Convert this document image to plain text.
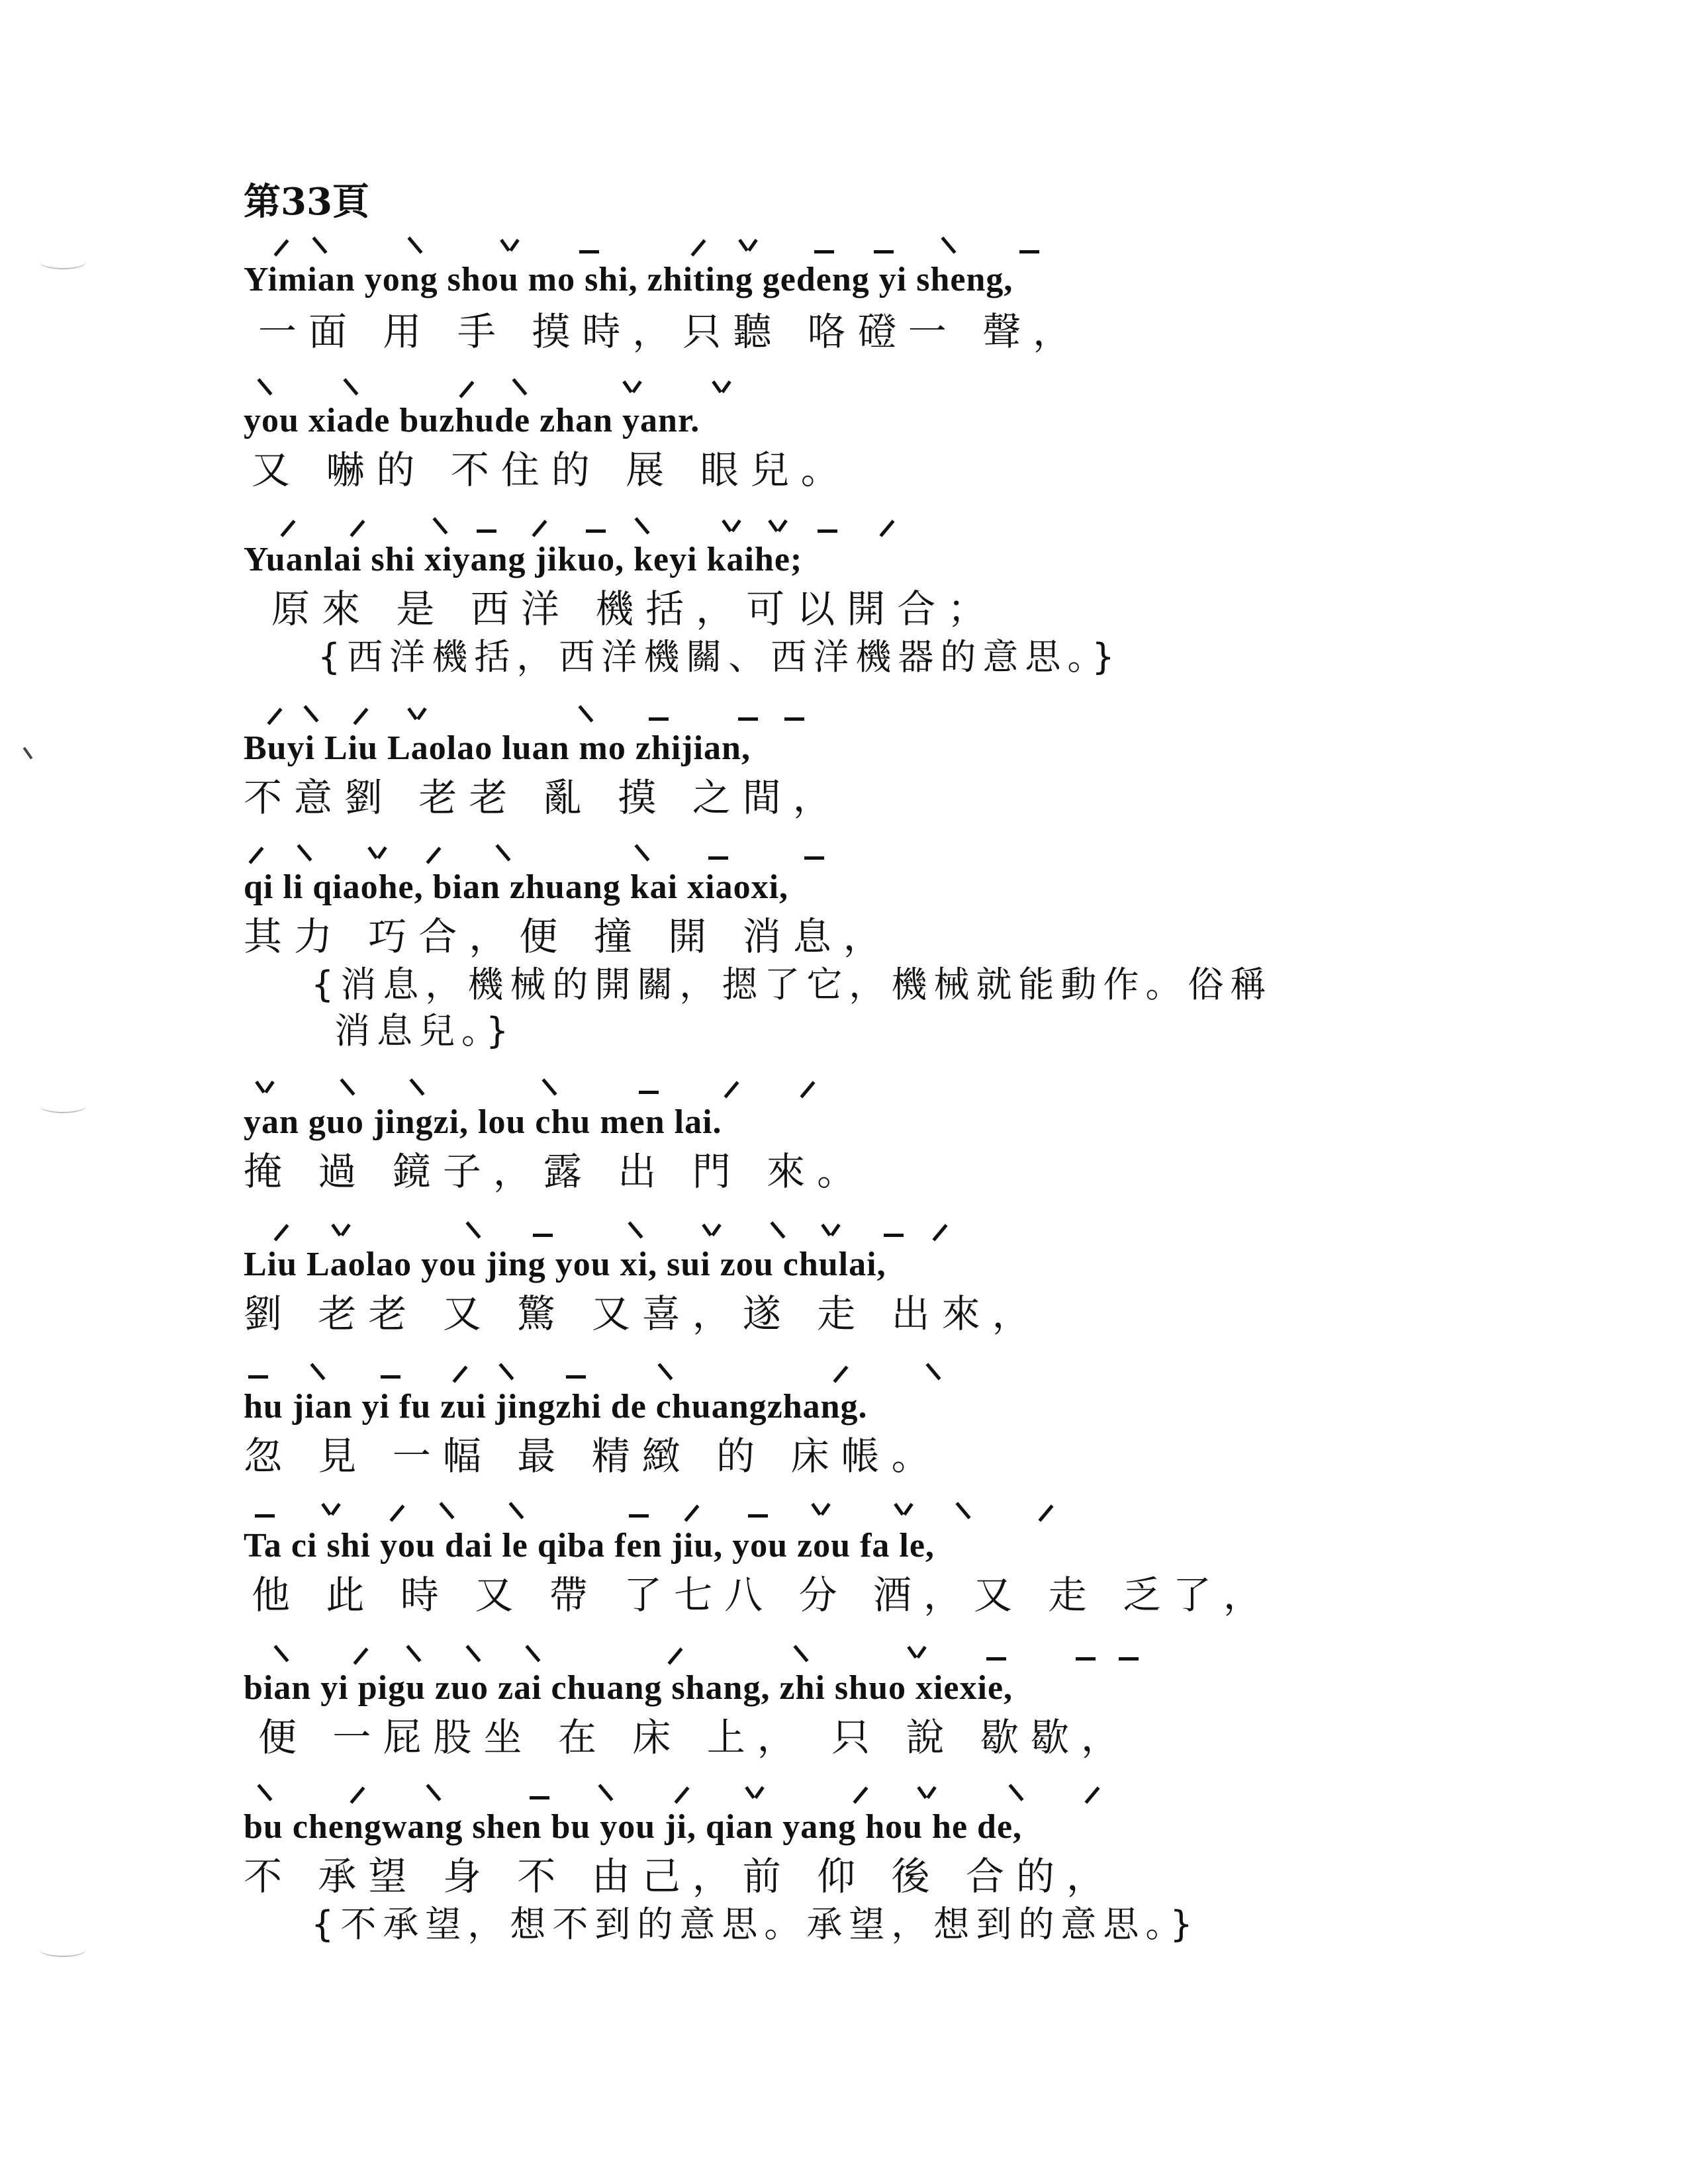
第33頁
Yimian yong shou mo shi, zhiting gedeng yi sheng,
一面 用 手 摸時，只聽 咯磴一 聲，
you xiade buzhude zhan yanr.
又 嚇的 不住的 展 眼兒。
Yuanlai shi xiyang jikuo, keyi kaihe;
原來 是 西洋 機括，可以開合；
{西洋機括，西洋機關、西洋機器的意思。}
Buyi Liu Laolao luan mo zhijian,
不意劉 老老 亂 摸 之間，
qi li qiaohe, bian zhuang kai xiaoxi,
其力 巧合，便 撞 開 消息，
{消息，機械的開關，摁了它，機械就能動作。俗稱
消息兒。}
yan guo jingzi, lou chu men lai.
掩 過 鏡子，露 出 門 來。
Liu Laolao you jing you xi, sui zou chulai,
劉 老老 又 驚 又喜，遂 走 出來，
hu jian yi fu zui jingzhi de chuangzhang.
忽 見 一幅 最 精緻 的 床帳。
Ta ci shi you dai le qiba fen jiu, you zou fa le,
他 此 時 又 帶 了七八 分 酒，又 走 乏了，
bian yi pigu zuo zai chuang shang, zhi shuo xiexie,
便 一屁股坐 在 床 上， 只 說 歇歇，
bu chengwang shen bu you ji, qian yang hou he de,
不 承望 身 不 由己，前 仰 後 合的，
{不承望，想不到的意思。承望，想到的意思。}
